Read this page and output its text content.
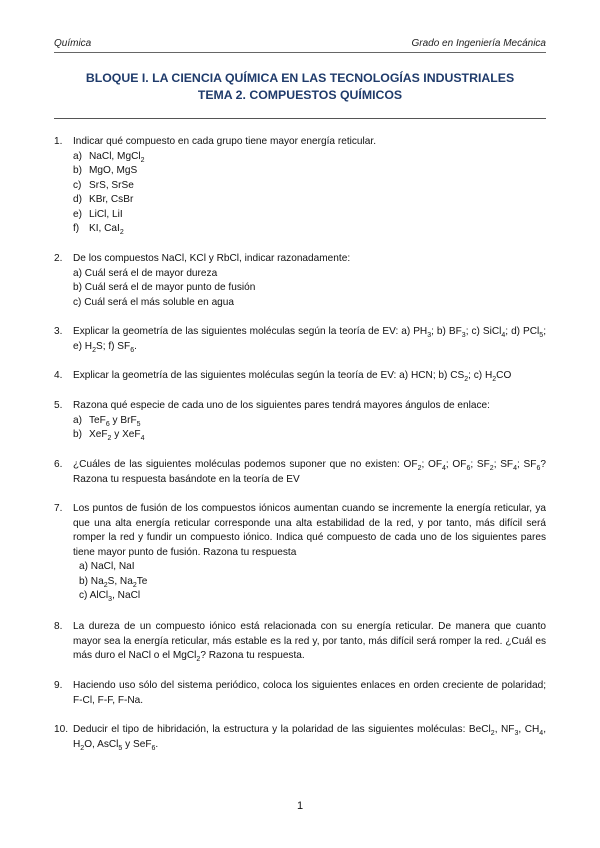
Química	Grado en Ingeniería Mecánica
BLOQUE I. LA CIENCIA QUÍMICA EN LAS TECNOLOGÍAS INDUSTRIALES
TEMA 2. COMPUESTOS QUÍMICOS
1. Indicar qué compuesto en cada grupo tiene mayor energía reticular.
a) NaCl, MgCl$_2$
b) MgO, MgS
c) SrS, SrSe
d) KBr, CsBr
e) LiCl, LiI
f) KI, CaI$_2$
2. De los compuestos NaCl, KCl y RbCl, indicar razonadamente:
a) Cuál será el de mayor dureza
b) Cuál será el de mayor punto de fusión
c) Cuál será el más soluble en agua
3. Explicar la geometría de las siguientes moléculas según la teoría de EV: a) $PH_3$; b) $BF_3$; c) SiCl$_4$; d) PCl$_5$; e) $H_2S$; f) $SF_6$.
4. Explicar la geometría de las siguientes moléculas según la teoría de EV: a) HCN; b) $CS_2$; c) $H_2CO$
5. Razona qué especie de cada uno de los siguientes pares tendrá mayores ángulos de enlace:
a) TeF$_6$ y BrF$_5$
b) XeF$_2$ y XeF$_4$
6. ¿Cuáles de las siguientes moléculas podemos suponer que no existen: $OF_2$; $OF_4$; $OF_6$; $SF_2$; $SF_4$; $SF_6$? Razona tu respuesta basándote en la teoría de EV
7. Los puntos de fusión de los compuestos iónicos aumentan cuando se incremente la energía reticular, ya que una alta energía reticular corresponde una alta estabilidad de la red, y por tanto, más difícil será romper la red y fundir un compuesto iónico. Indica qué compuesto de cada uno de los siguientes pares tiene mayor punto de fusión. Razona tu respuesta
a) NaCl, NaI
b) $Na_2S$, $Na_2Te$
c) AlCl$_3$, NaCl
8. La dureza de un compuesto iónico está relacionada con su energía reticular. De manera que cuanto mayor sea la energía reticular, más estable es la red y, por tanto, más difícil será romper la red. ¿Cuál es más duro el NaCl o el MgCl$_2$? Razona tu respuesta.
9. Haciendo uso sólo del sistema periódico, coloca los siguientes enlaces en orden creciente de polaridad; F-Cl, F-F, F-Na.
10. Deducir el tipo de hibridación, la estructura y la polaridad de las siguientes moléculas: BeCl$_2$, $NF_3$, $CH_4$, $H_2O$, AsCl$_5$ y SeF$_6$.
1
